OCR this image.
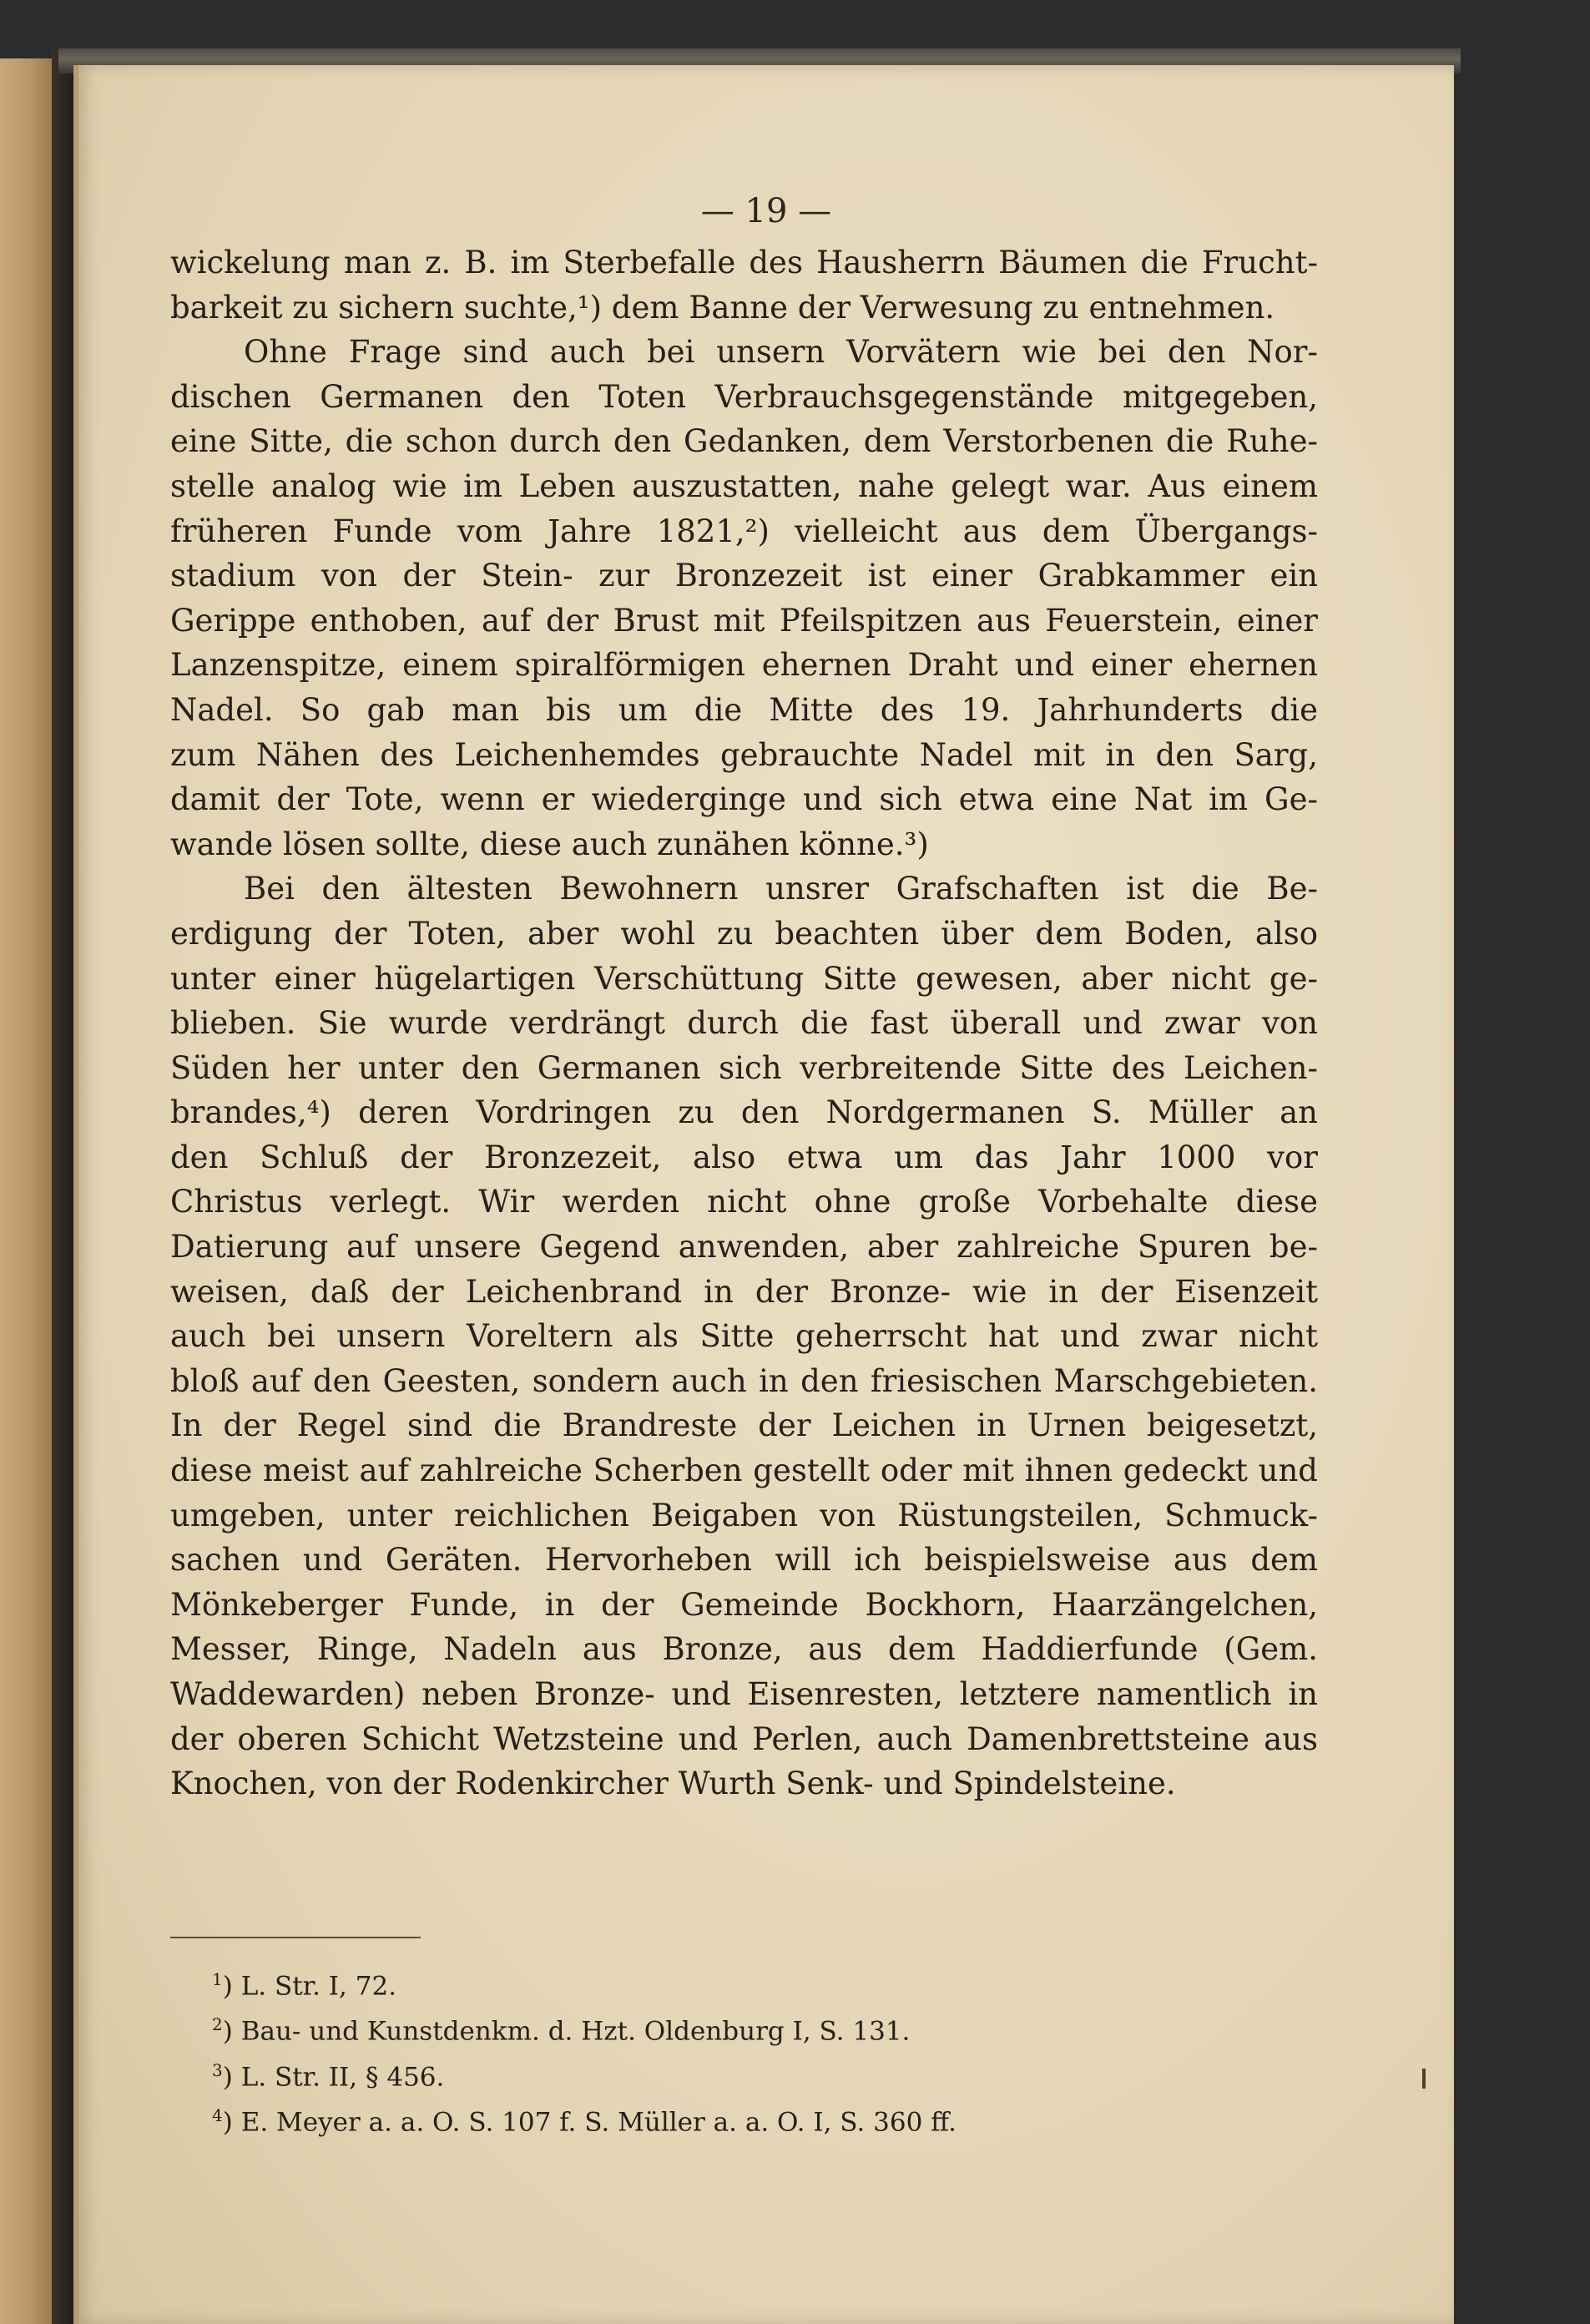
— 19 —
wickelung man z. B. im Sterbefalle des Hausherrn Bäumen die Frucht-
barkeit zu sichern suchte,¹) dem Banne der Verwesung zu entnehmen.
Ohne Frage sind auch bei unsern Vorvätern wie bei den Nor-
dischen Germanen den Toten Verbrauchsgegenstände mitgegeben,
eine Sitte, die schon durch den Gedanken, dem Verstorbenen die Ruhe-
stelle analog wie im Leben auszustatten, nahe gelegt war. Aus einem
früheren Funde vom Jahre 1821,²) vielleicht aus dem Übergangs-
stadium von der Stein- zur Bronzezeit ist einer Grabkammer ein
Gerippe enthoben, auf der Brust mit Pfeilspitzen aus Feuerstein, einer
Lanzenspitze, einem spiralförmigen ehernen Draht und einer ehernen
Nadel. So gab man bis um die Mitte des 19. Jahrhunderts die
zum Nähen des Leichenhemdes gebrauchte Nadel mit in den Sarg,
damit der Tote, wenn er wiederginge und sich etwa eine Nat im Ge-
wande lösen sollte, diese auch zunähen könne.³)
Bei den ältesten Bewohnern unsrer Grafschaften ist die Be-
erdigung der Toten, aber wohl zu beachten über dem Boden, also
unter einer hügelartigen Verschüttung Sitte gewesen, aber nicht ge-
blieben. Sie wurde verdrängt durch die fast überall und zwar von
Süden her unter den Germanen sich verbreitende Sitte des Leichen-
brandes,⁴) deren Vordringen zu den Nordgermanen S. Müller an
den Schluß der Bronzezeit, also etwa um das Jahr 1000 vor
Christus verlegt. Wir werden nicht ohne große Vorbehalte diese
Datierung auf unsere Gegend anwenden, aber zahlreiche Spuren be-
weisen, daß der Leichenbrand in der Bronze- wie in der Eisenzeit
auch bei unsern Voreltern als Sitte geherrscht hat und zwar nicht
bloß auf den Geesten, sondern auch in den friesischen Marschgebieten.
In der Regel sind die Brandreste der Leichen in Urnen beigesetzt,
diese meist auf zahlreiche Scherben gestellt oder mit ihnen gedeckt und
umgeben, unter reichlichen Beigaben von Rüstungsteilen, Schmuck-
sachen und Geräten. Hervorheben will ich beispielsweise aus dem
Mönkeberger Funde, in der Gemeinde Bockhorn, Haarzängelchen,
Messer, Ringe, Nadeln aus Bronze, aus dem Haddierfunde (Gem.
Waddewarden) neben Bronze- und Eisenresten, letztere namentlich in
der oberen Schicht Wetzsteine und Perlen, auch Damenbrettsteine aus
Knochen, von der Rodenkircher Wurth Senk- und Spindelsteine.
$^1$) L. Str. I, 72.
$^2$) Bau- und Kunstdenkm. d. Hzt. Oldenburg I, S. 131.
$^3$) L. Str. II, § 456.
$^4$) E. Meyer a. a. O. S. 107 f. S. Müller a. a. O. I, S. 360 ff.
